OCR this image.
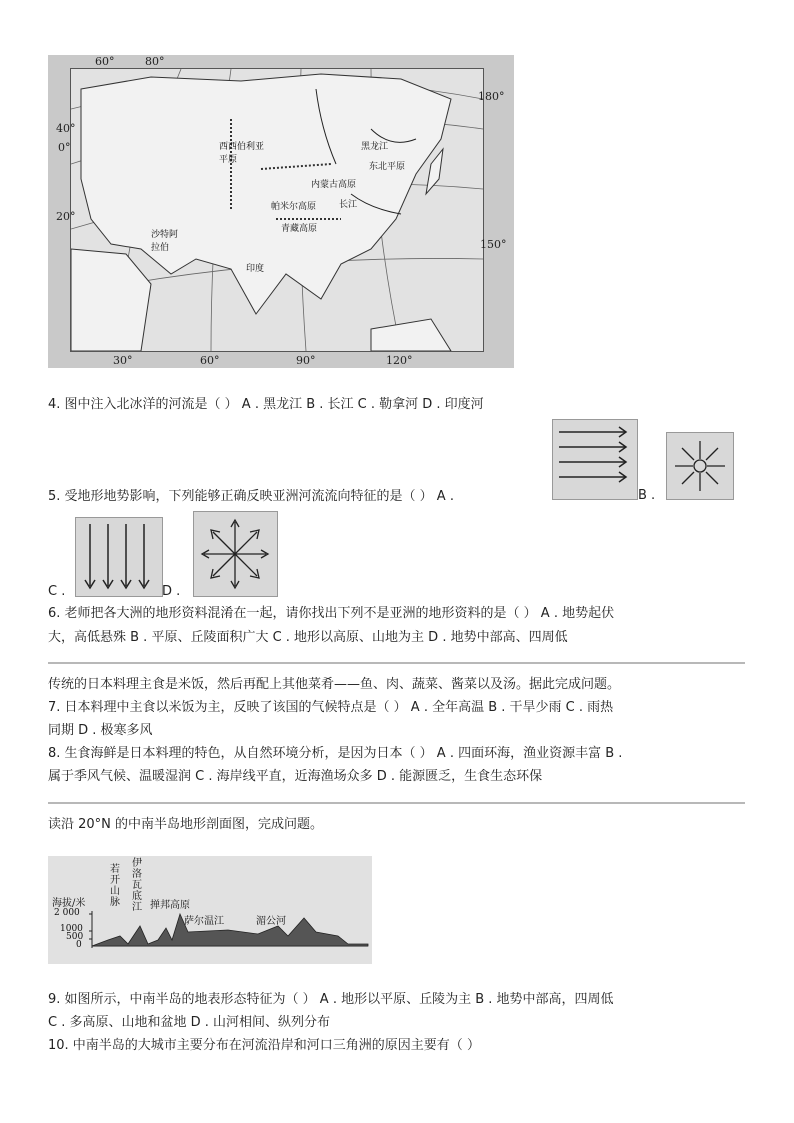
黑龙江
西西伯利亚平原
东北平原
内蒙古高原
帕米尔高原	长江
青藏高原
沙特阿拉伯
印度
60°	80°
180°
40°
0°
20°
150°
30°	60°	90°	120°
4. 图中注入北冰洋的河流是（ ） A . 黑龙江 B . 长江 C . 勒拿河 D . 印度河
5. 受地形地势影响，下列能够正确反映亚洲河流流向特征的是（ ） A .	B .
C .	D .
6. 老师把各大洲的地形资料混淆在一起，请你找出下列不是亚洲的地形资料的是（ ） A . 地势起伏
大，高低悬殊 B . 平原、丘陵面积广大 C . 地形以高原、山地为主 D . 地势中部高、四周低
传统的日本料理主食是米饭，然后再配上其他菜肴——鱼、肉、蔬菜、酱菜以及汤。据此完成问题。
7. 日本料理中主食以米饭为主，反映了该国的气候特点是（ ） A . 全年高温 B . 干旱少雨 C . 雨热
同期 D . 极寒多风
8. 生食海鲜是日本料理的特色，从自然环境分析，是因为日本（ ） A . 四面环海，渔业资源丰富 B .
属于季风气候、温暖湿润 C . 海岸线平直，近海渔场众多 D . 能源匮乏，生食生态环保
读沿 20°N 的中南半岛地形剖面图，完成问题。
海拔/米
2 000
1000
500
0
若开山脉
伊洛瓦底江 掸邦高原
萨尔温江	湄公河
9. 如图所示，中南半岛的地表形态特征为（ ） A . 地形以平原、丘陵为主 B . 地势中部高，四周低
C . 多高原、山地和盆地 D . 山河相间、纵列分布
10. 中南半岛的大城市主要分布在河流沿岸和河口三角洲的原因主要有（ ）
